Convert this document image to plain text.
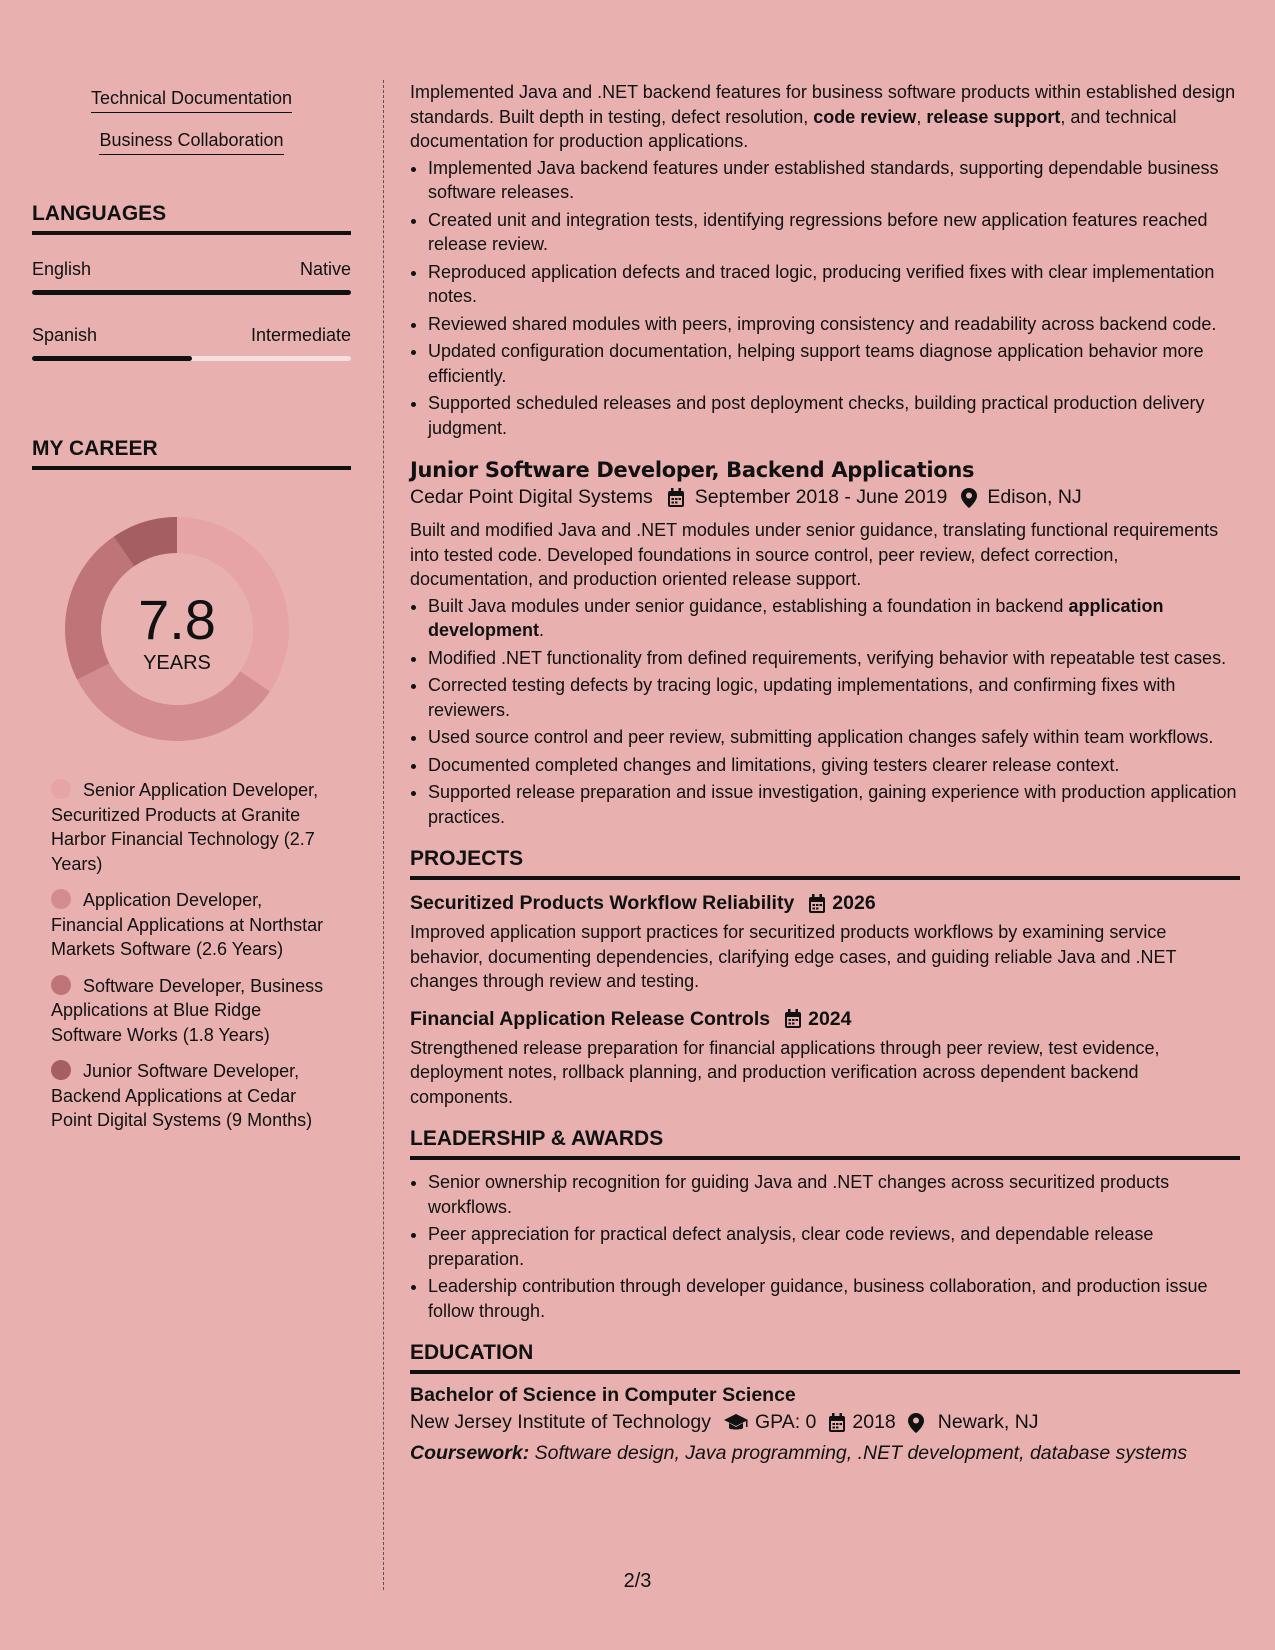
Technical Documentation
Business Collaboration
LANGUAGES
English	Native
Spanish	Intermediate
MY CAREER
7.8
YEARS
Senior Application Developer, Securitized Products at Granite Harbor Financial Technology (2.7 Years)
Application Developer, Financial Applications at Northstar Markets Software (2.6 Years)
Software Developer, Business Applications at Blue Ridge Software Works (1.8 Years)
Junior Software Developer, Backend Applications at Cedar Point Digital Systems (9 Months)

Implemented Java and .NET backend features for business software products within established design standards. Built depth in testing, defect resolution, code review, release support, and technical documentation for production applications.

• Implemented Java backend features under established standards, supporting dependable business software releases.
• Created unit and integration tests, identifying regressions before new application features reached release review.
• Reproduced application defects and traced logic, producing verified fixes with clear implementation notes.
• Reviewed shared modules with peers, improving consistency and readability across backend code.
• Updated configuration documentation, helping support teams diagnose application behavior more efficiently.
• Supported scheduled releases and post deployment checks, building practical production delivery judgment.
Junior Software Developer, Backend Applications
Cedar Point Digital Systems September 2018 - June 2019 Edison, NJ

Built and modified Java and .NET modules under senior guidance, translating functional requirements into tested code. Developed foundations in source control, peer review, defect correction, documentation, and production oriented release support.

• Built Java modules under senior guidance, establishing a foundation in backend application development.
• Modified .NET functionality from defined requirements, verifying behavior with repeatable test cases.
• Corrected testing defects by tracing logic, updating implementations, and confirming fixes with reviewers.
• Used source control and peer review, submitting application changes safely within team workflows.
• Documented completed changes and limitations, giving testers clearer release context.
• Supported release preparation and issue investigation, gaining experience with production application practices.
PROJECTS
Securitized Products Workflow Reliability 2026

Improved application support practices for securitized products workflows by examining service behavior, documenting dependencies, clarifying edge cases, and guiding reliable Java and .NET changes through review and testing.

Financial Application Release Controls 2024

Strengthened release preparation for financial applications through peer review, test evidence, deployment notes, rollback planning, and production verification across dependent backend components.

LEADERSHIP & AWARDS
• Senior ownership recognition for guiding Java and .NET changes across securitized products workflows.
• Peer appreciation for practical defect analysis, clear code reviews, and dependable release preparation.
• Leadership contribution through developer guidance, business collaboration, and production issue follow through.
EDUCATION
Bachelor of Science in Computer Science
New Jersey Institute of Technology GPA: 0 2018 Newark, NJ
Coursework: Software design, Java programming, .NET development, database systems
2/3
